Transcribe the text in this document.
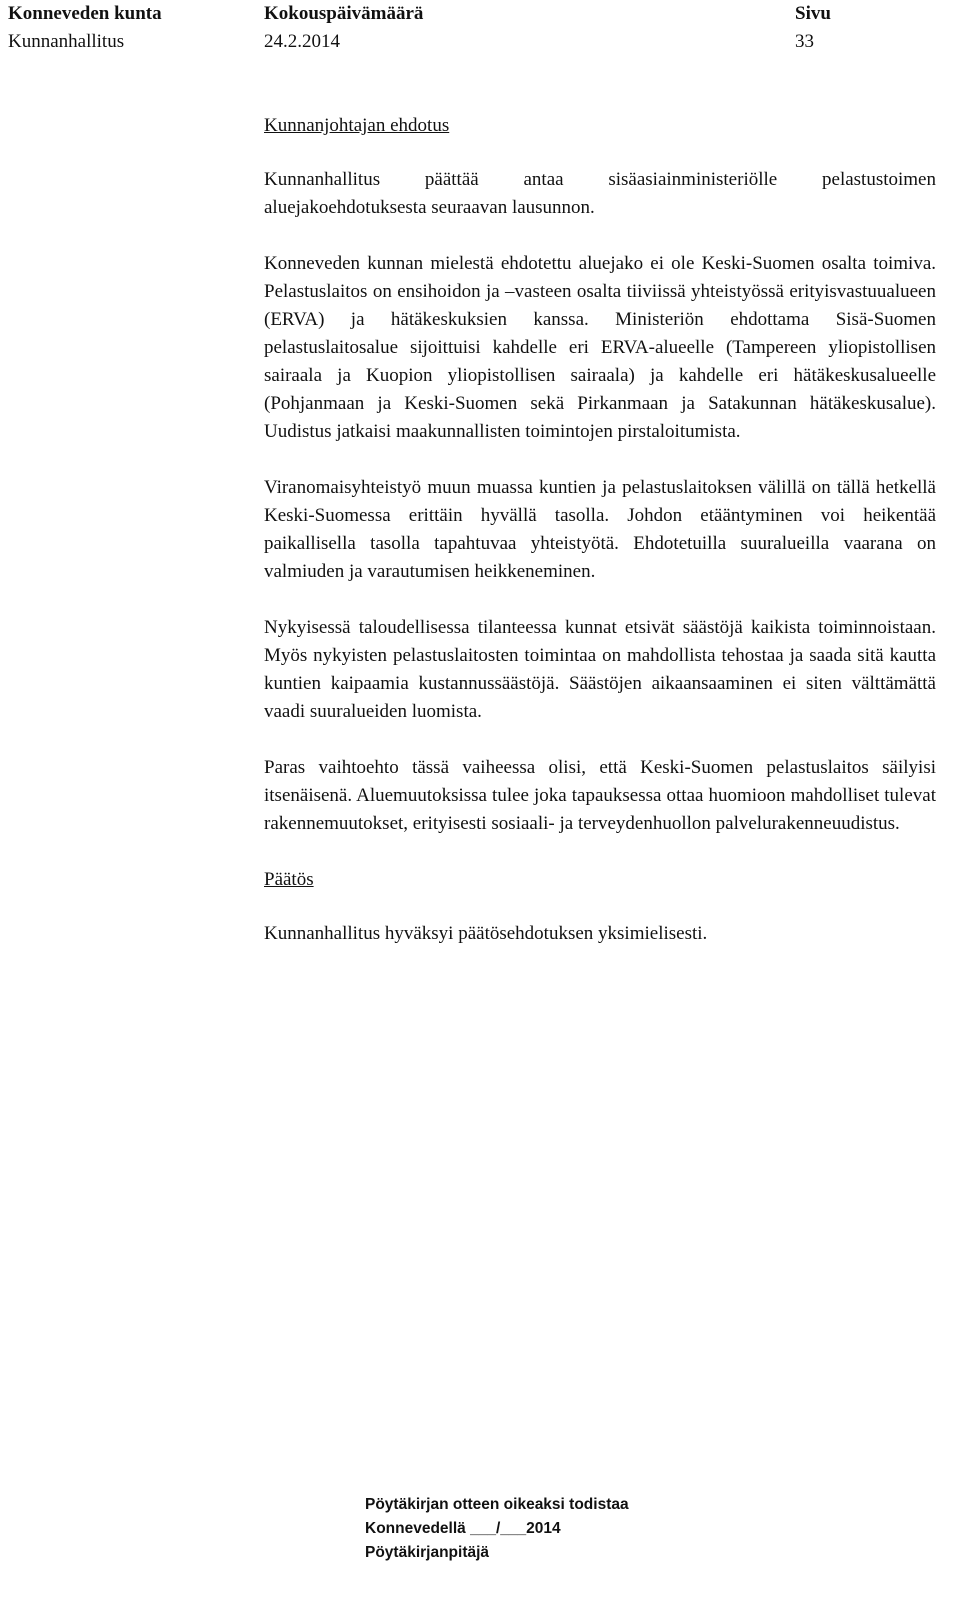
Konneveden kunta
Kunnanhallitus
Kokouspäivämäärä
24.2.2014
Sivu
33

Kunnanjohtajan ehdotus

Kunnanhallitus päättää antaa sisäasiainministeriölle pelastustoimen aluejakoehdotuksesta seuraavan lausunnon.

Konneveden kunnan mielestä ehdotettu aluejako ei ole Keski-Suomen osalta toimiva. Pelastuslaitos on ensihoidon ja –vasteen osalta tiiviissä yhteistyössä erityisvastuualueen (ERVA) ja hätäkeskuksien kanssa. Ministeriön ehdottama Sisä-Suomen pelastuslaitosalue sijoittuisi kahdelle eri ERVA-alueelle (Tampereen yliopistollisen sairaala ja Kuopion yliopistollisen sairaala) ja kahdelle eri hätäkeskusalueelle (Pohjanmaan ja Keski-Suomen sekä Pirkanmaan ja Satakunnan hätäkeskusalue). Uudistus jatkaisi maakunnallisten toimintojen pirstaloitumista.

Viranomaisyhteistyö muun muassa kuntien ja pelastuslaitoksen välillä on tällä hetkellä Keski-Suomessa erittäin hyvällä tasolla. Johdon etääntyminen voi heikentää paikallisella tasolla tapahtuvaa yhteistyötä. Ehdotetuilla suuralueilla vaarana on valmiuden ja varautumisen heikkeneminen.

Nykyisessä taloudellisessa tilanteessa kunnat etsivät säästöjä kaikista toiminnoistaan. Myös nykyisten pelastuslaitosten toimintaa on mahdollista tehostaa ja saada sitä kautta kuntien kaipaamia kustannussäästöjä. Säästöjen aikaansaaminen ei siten välttämättä vaadi suuralueiden luomista.

Paras vaihtoehto tässä vaiheessa olisi, että Keski-Suomen pelastuslaitos säilyisi itsenäisenä. Aluemuutoksissa tulee joka tapauksessa ottaa huomioon mahdolliset tulevat rakennemuutokset, erityisesti sosiaali- ja terveydenhuollon palvelurakenneuudistus.

Päätös

Kunnanhallitus hyväksyi päätösehdotuksen yksimielisesti.

Pöytäkirjan otteen oikeaksi todistaa
Konnevedellä ___/___2014
Pöytäkirjanpitäjä
